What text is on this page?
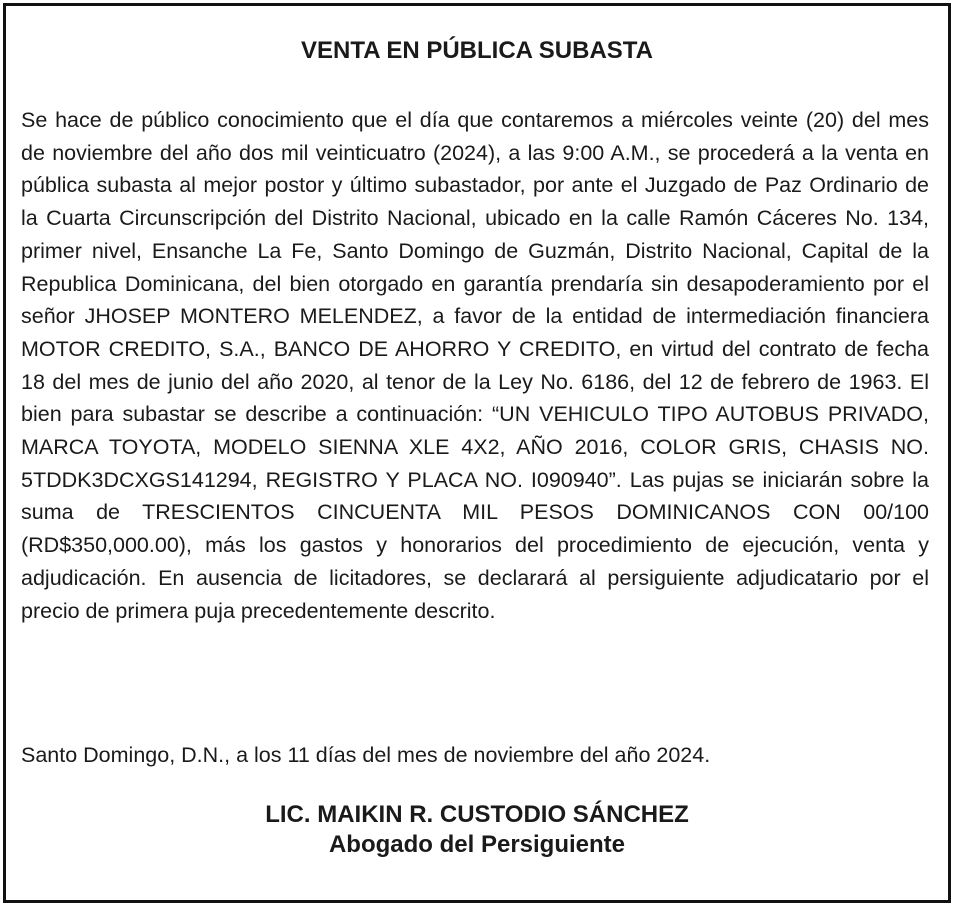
VENTA EN PÚBLICA SUBASTA

Se hace de público conocimiento que el día que contaremos a miércoles veinte (20) del mes de noviembre del año dos mil veinticuatro (2024), a las 9:00 A.M., se procederá a la venta en pública subasta al mejor postor y último subastador, por ante el Juzgado de Paz Ordinario de la Cuarta Circunscripción del Distrito Nacional, ubicado en la calle Ramón Cáceres No. 134, primer nivel, Ensanche La Fe, Santo Domingo de Guzmán, Distrito Nacional, Capital de la Republica Dominicana, del bien otorgado en garantía prendaría sin desapoderamiento por el señor JHOSEP MONTERO MELENDEZ, a favor de la entidad de intermediación financiera MOTOR CREDITO, S.A., BANCO DE AHORRO Y CREDITO, en virtud del contrato de fecha 18 del mes de junio del año 2020, al tenor de la Ley No. 6186, del 12 de febrero de 1963. El bien para subastar se describe a continuación: “UN VEHICULO TIPO AUTOBUS PRIVADO, MARCA TOYOTA, MODELO SIENNA XLE 4X2, AÑO 2016, COLOR GRIS, CHASIS NO. 5TDDK3DCXGS141294, REGISTRO Y PLACA NO. I090940”. Las pujas se iniciarán sobre la suma de TRESCIENTOS CINCUENTA MIL PESOS DOMINICANOS CON 00/100 (RD$350,000.00), más los gastos y honorarios del procedimiento de ejecución, venta y adjudicación. En ausencia de licitadores, se declarará al persiguiente adjudicatario por el precio de primera puja precedentemente descrito.

Santo Domingo, D.N., a los 11 días del mes de noviembre del año 2024.

LIC. MAIKIN R. CUSTODIO SÁNCHEZ
Abogado del Persiguiente
